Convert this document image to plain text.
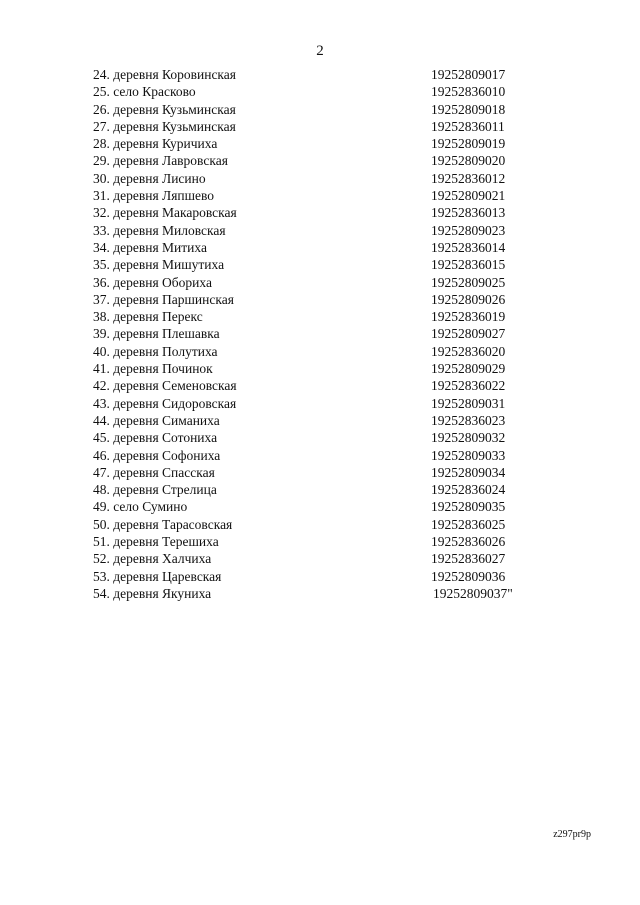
2
24. деревня Коровинская	19252809017
25. село Красково	19252836010
26. деревня Кузьминская	19252809018
27. деревня Кузьминская	19252836011
28. деревня Куричиха	19252809019
29. деревня Лавровская	19252809020
30. деревня Лисино	19252836012
31. деревня Ляпшево	19252809021
32. деревня Макаровская	19252836013
33. деревня Миловская	19252809023
34. деревня Митиха	19252836014
35. деревня Мишутиха	19252836015
36. деревня Обориха	19252809025
37. деревня Паршинская	19252809026
38. деревня Перекс	19252836019
39. деревня Плешавка	19252809027
40. деревня Полутиха	19252836020
41. деревня Починок	19252809029
42. деревня Семеновская	19252836022
43. деревня Сидоровская	19252809031
44. деревня Симаниха	19252836023
45. деревня Сотониха	19252809032
46. деревня Софониха	19252809033
47. деревня Спасская	19252809034
48. деревня Стрелица	19252836024
49. село Сумино	19252809035
50. деревня Тарасовская	19252836025
51. деревня Терешиха	19252836026
52. деревня Халчиха	19252836027
53. деревня Царевская	19252809036
54. деревня Якуниха	19252809037"
z297pr9p
